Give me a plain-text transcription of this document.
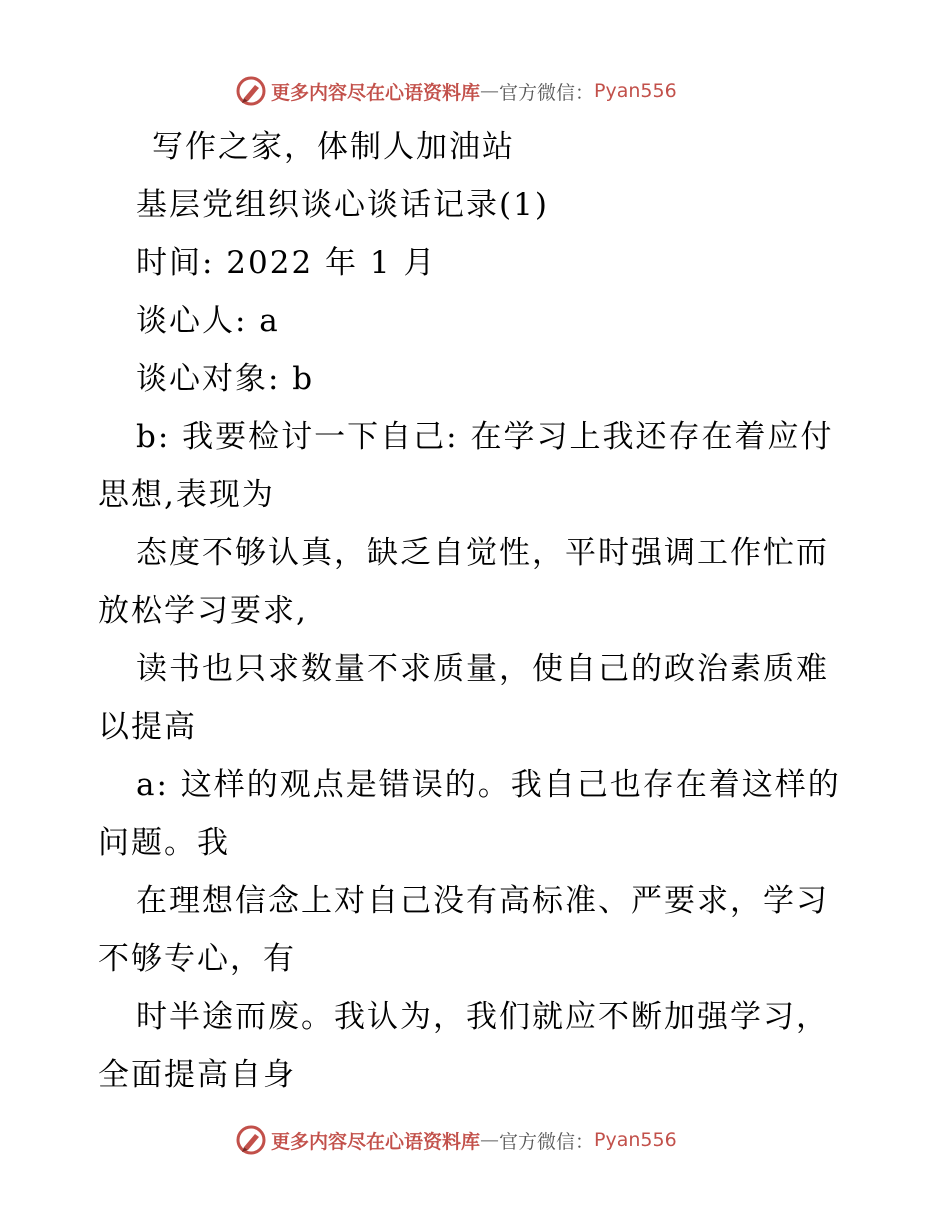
更多内容尽在心语资料库 — 官方微信： Pyan556
写作之家，体制人加油站
基层党组织谈心谈话记录(1)
时间: 2022 年 1 月
谈心人: a
谈心对象: b
b: 我要检讨一下自己: 在学习上我还存在着应付
思想,表现为
态度不够认真，缺乏自觉性，平时强调工作忙而
放松学习要求,
读书也只求数量不求质量，使自己的政治素质难
以提高
a: 这样的观点是错误的。我自己也存在着这样的
问题。我
在理想信念上对自己没有高标准、严要求，学习
不够专心，有
时半途而废。我认为，我们就应不断加强学习，
全面提高自身
更多内容尽在心语资料库 — 官方微信： Pyan556
